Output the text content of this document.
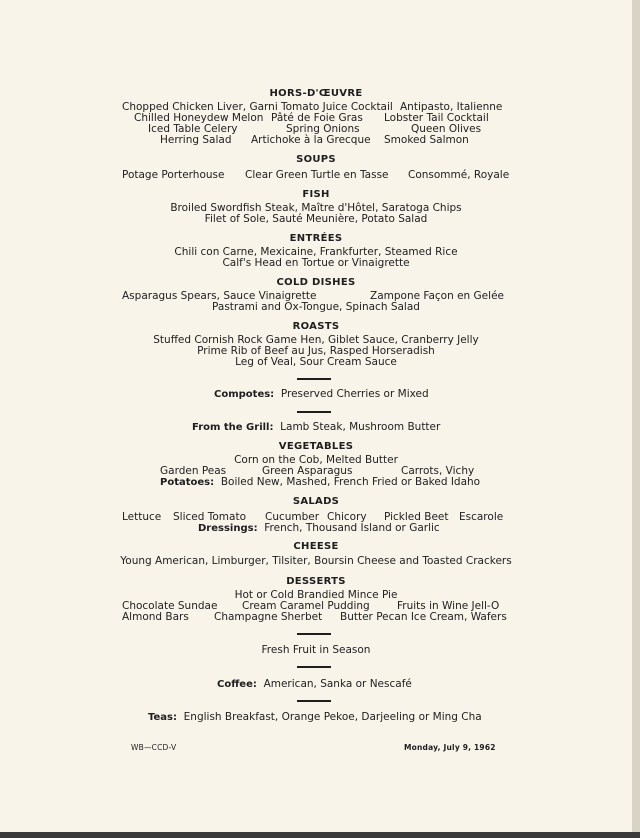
HORS-D'ŒUVRE
Chopped Chicken Liver, Garni Tomato Juice Cocktail Antipasto, Italienne
Chilled Honeydew Melon Pâté de Foie Gras Lobster Tail Cocktail
Iced Table Celery	Spring Onions	Queen Olives
Herring Salad Artichoke à la Grecque Smoked Salmon
SOUPS
Potage Porterhouse Clear Green Turtle en Tasse Consommé, Royale
FISH
Broiled Swordfish Steak, Maître d'Hôtel, Saratoga Chips
Filet of Sole, Sauté Meunière, Potato Salad
ENTRÉES
Chili con Carne, Mexicaine, Frankfurter, Steamed Rice
Calf's Head en Tortue or Vinaigrette
COLD DISHES
Asparagus Spears, Sauce Vinaigrette	Zampone Façon en Gelée
Pastrami and Ox-Tongue, Spinach Salad
ROASTS
Stuffed Cornish Rock Game Hen, Giblet Sauce, Cranberry Jelly
Prime Rib of Beef au Jus, Rasped Horseradish
Leg of Veal, Sour Cream Sauce
Compotes: Preserved Cherries or Mixed
From the Grill: Lamb Steak, Mushroom Butter
VEGETABLES
Corn on the Cob, Melted Butter
Garden Peas	Green Asparagus	Carrots, Vichy
Potatoes: Boiled New, Mashed, French Fried or Baked Idaho
SALADS
Lettuce Sliced Tomato Cucumber Chicory Pickled Beet Escarole
Dressings: French, Thousand Island or Garlic
CHEESE
Young American, Limburger, Tilsiter, Boursin Cheese and Toasted Crackers
DESSERTS
Hot or Cold Brandied Mince Pie
Chocolate Sundae Cream Caramel Pudding	Fruits in Wine Jell-O
Almond Bars Champagne Sherbet Butter Pecan Ice Cream, Wafers
Fresh Fruit in Season
Coffee: American, Sanka or Nescafé
Teas: English Breakfast, Orange Pekoe, Darjeeling or Ming Cha
WB—CCD-V	Monday, July 9, 1962
